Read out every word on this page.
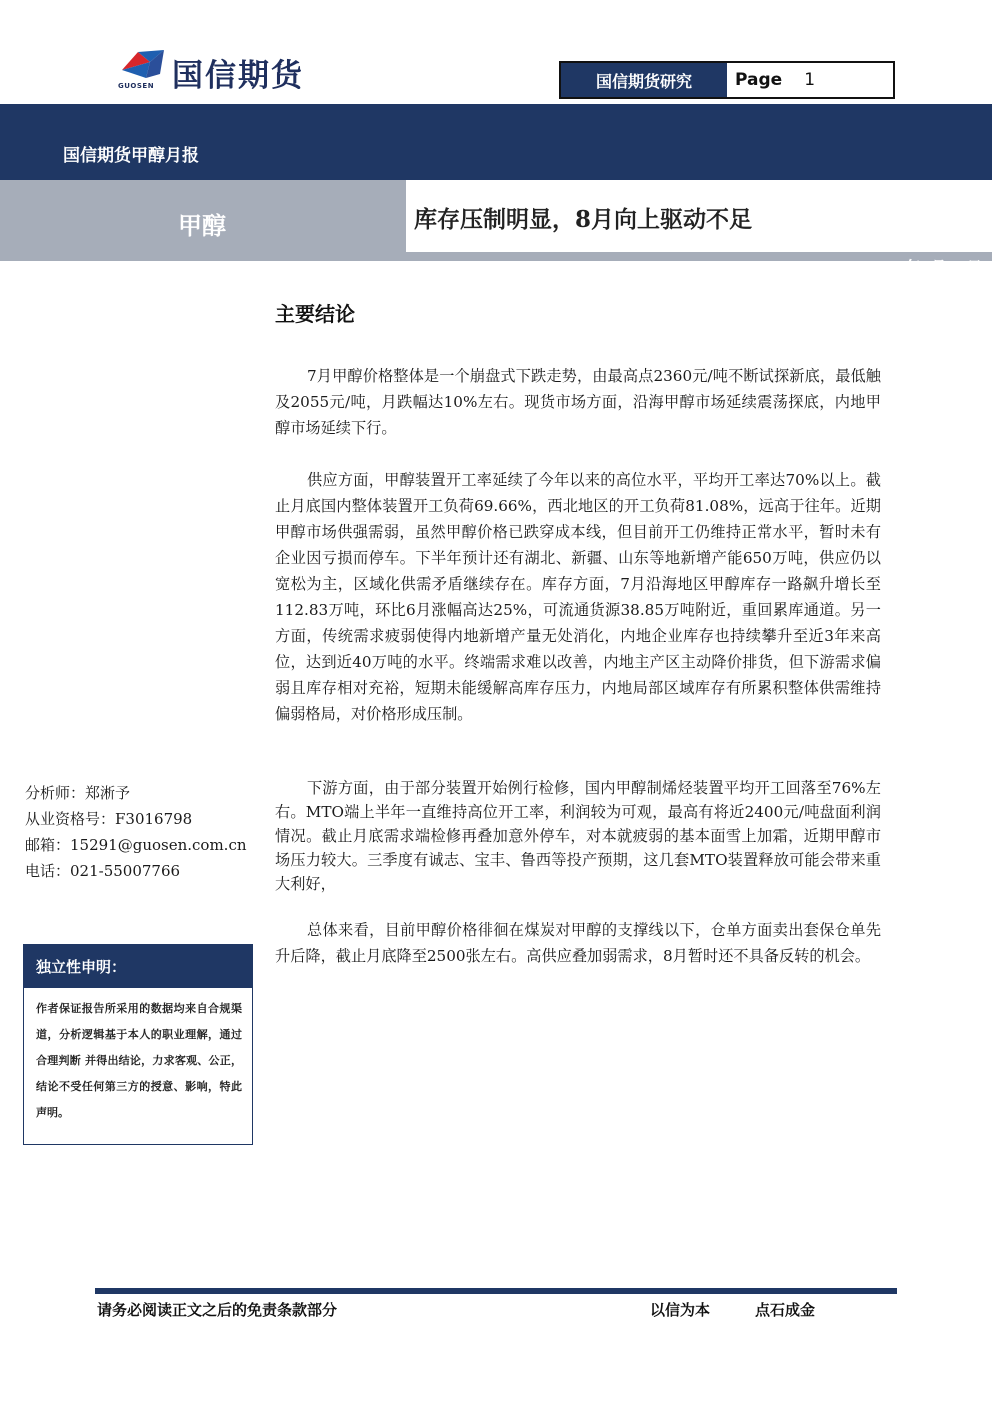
国信期货
GUOSEN	国信期货研究	Page 1
国信期货甲醇月报
甲醇	库存压制明显，8月向上驱动不足
2019年7月28日
主要结论

7月甲醇价格整体是一个崩盘式下跌走势，由最高点2360元/吨不断试探新底，最低触及2055元/吨，月跌幅达10%左右。现货市场方面，沿海甲醇市场延续震荡探底，内地甲醇市场延续下行。

供应方面，甲醇装置开工率延续了今年以来的高位水平，平均开工率达70%以上。截止月底国内整体装置开工负荷69.66%，西北地区的开工负荷81.08%，远高于往年。近期甲醇市场供强需弱，虽然甲醇价格已跌穿成本线，但目前开工仍维持正常水平，暂时未有企业因亏损而停车。下半年预计还有湖北、新疆、山东等地新增产能650万吨，供应仍以宽松为主，区域化供需矛盾继续存在。库存方面，7月沿海地区甲醇库存一路飙升增长至112.83万吨，环比6月涨幅高达25%，可流通货源38.85万吨附近，重回累库通道。另一方面，传统需求疲弱使得内地新增产量无处消化，内地企业库存也持续攀升至近3年来高位，达到近40万吨的水平。终端需求难以改善，内地主产区主动降价排货，但下游需求偏弱且库存相对充裕，短期未能缓解高库存压力，内地局部区域库存有所累积整体供需维持偏弱格局，对价格形成压制。

下游方面，由于部分装置开始例行检修，国内甲醇制烯烃装置平均开工回落至76%左右。MTO端上半年一直维持高位开工率，利润较为可观，最高有将近2400元/吨盘面利润情况。截止月底需求端检修再叠加意外停车，对本就疲弱的基本面雪上加霜，近期甲醇市场压力较大。三季度有诚志、宝丰、鲁西等投产预期，这几套MTO装置释放可能会带来重大利好，

总体来看，目前甲醇价格徘徊在煤炭对甲醇的支撑线以下，仓单方面卖出套保仓单先升后降，截止月底降至2500张左右。高供应叠加弱需求，8月暂时还不具备反转的机会。

分析师：郑淅予
从业资格号：F3016798
邮箱：15291@guosen.com.cn
电话：021-55007766
独立性申明：
作者保证报告所采用的数据均来自合规渠道，分析逻辑基于本人的职业理解，通过合理判断 并得出结论，力求客观、公正，结论不受任何第三方的授意、影响，特此声明。
请务必阅读正文之后的免责条款部分	以信为本	点石成金
